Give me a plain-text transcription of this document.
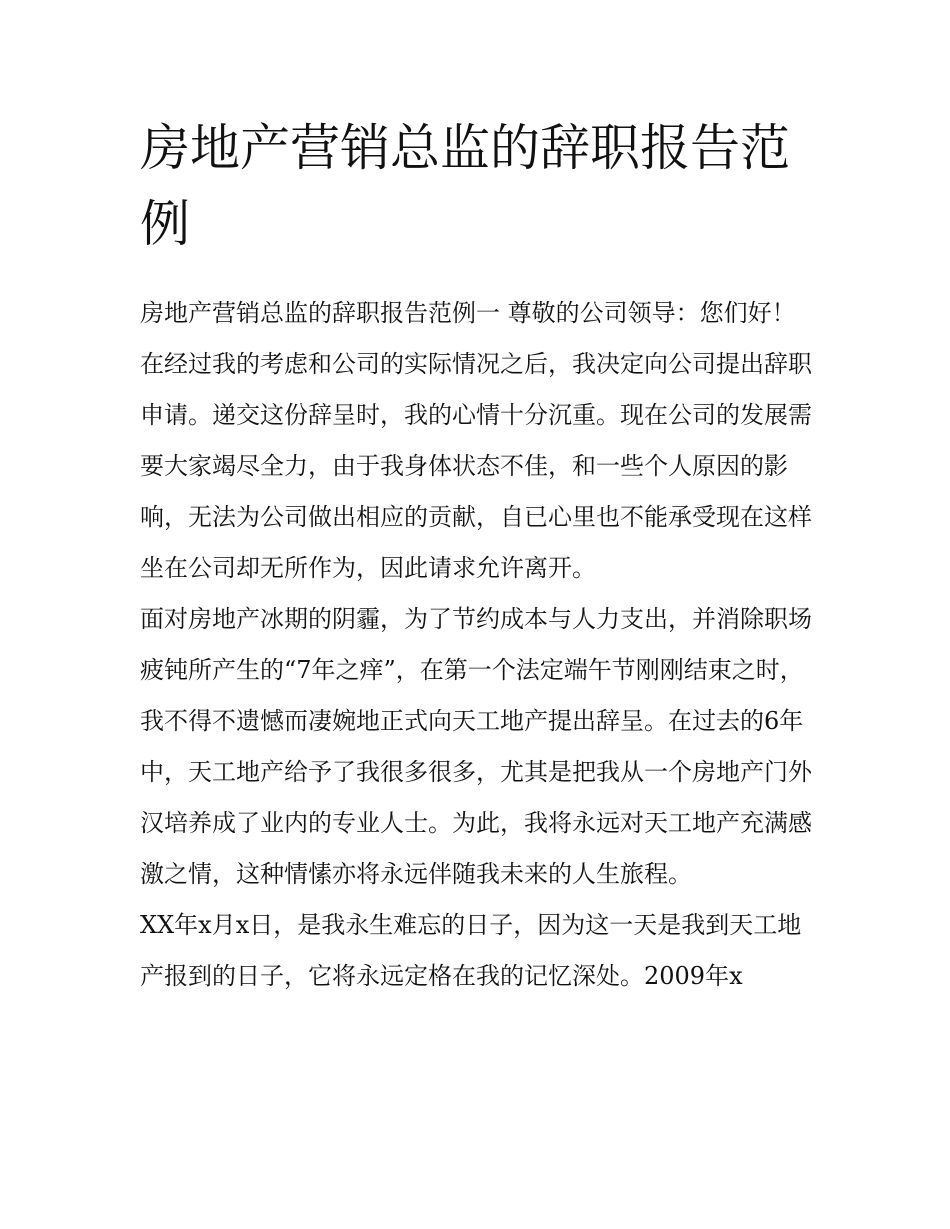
房地产营销总监的辞职报告范例

房地产营销总监的辞职报告范例一 尊敬的公司领导：您们好！

在经过我的考虑和公司的实际情况之后，我决定向公司提出辞职申请。递交这份辞呈时，我的心情十分沉重。现在公司的发展需要大家竭尽全力，由于我身体状态不佳，和一些个人原因的影响，无法为公司做出相应的贡献，自已心里也不能承受现在这样坐在公司却无所作为，因此请求允许离开。

面对房地产冰期的阴霾，为了节约成本与人力支出，并消除职场疲钝所产生的“7年之痒”，在第一个法定端午节刚刚结束之时，我不得不遗憾而凄婉地正式向天工地产提出辞呈。在过去的6年中，天工地产给予了我很多很多，尤其是把我从一个房地产门外汉培养成了业内的专业人士。为此，我将永远对天工地产充满感激之情，这种情愫亦将永远伴随我未来的人生旅程。

XX年x月x日，是我永生难忘的日子，因为这一天是我到天工地产报到的日子，它将永远定格在我的记忆深处。2009年x
